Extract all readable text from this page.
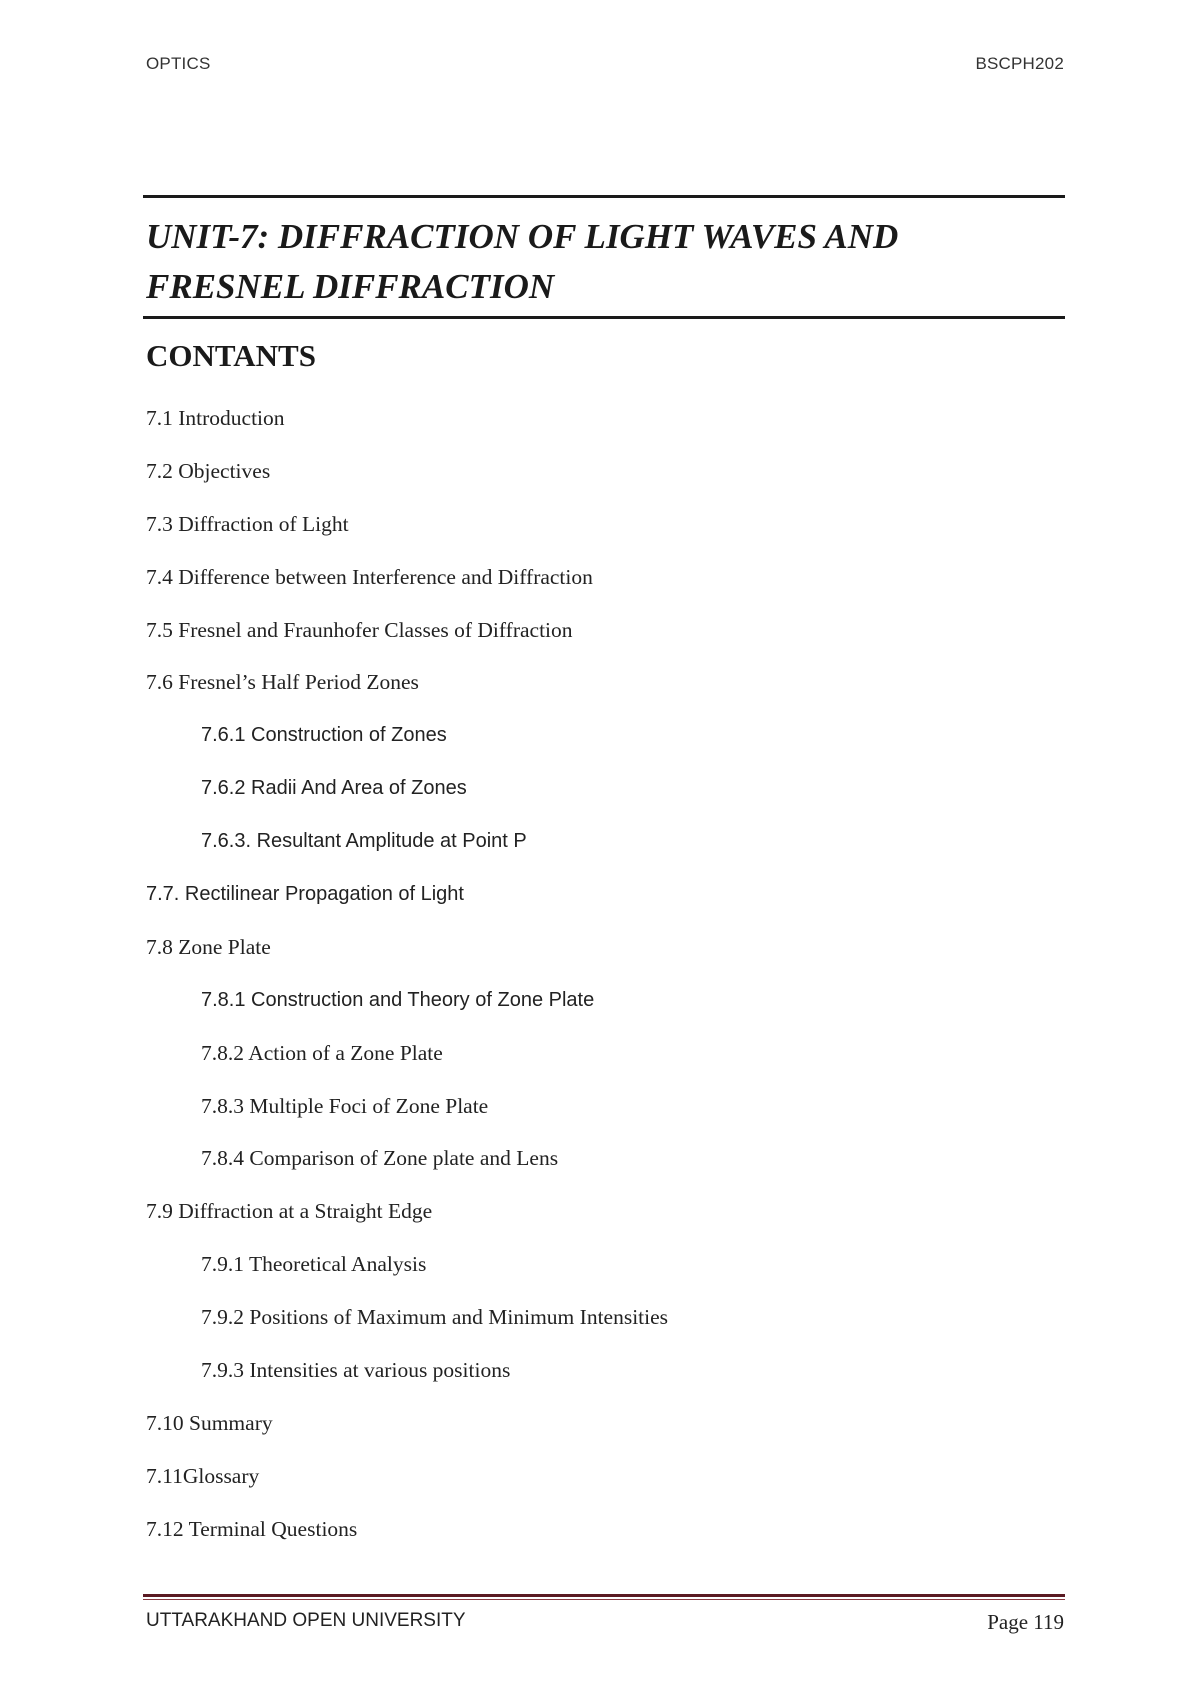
OPTICS	BSCPH202
UNIT-7: DIFFRACTION OF LIGHT WAVES AND
FRESNEL DIFFRACTION
CONTANTS
7.1 Introduction
7.2 Objectives
7.3 Diffraction of Light
7.4 Difference between Interference and Diffraction
7.5 Fresnel and Fraunhofer Classes of Diffraction
7.6 Fresnel’s Half Period Zones
7.6.1 Construction of Zones
7.6.2 Radii And Area of Zones
7.6.3. Resultant Amplitude at Point P
7.7. Rectilinear Propagation of Light
7.8 Zone Plate
7.8.1 Construction and Theory of Zone Plate
7.8.2 Action of a Zone Plate
7.8.3 Multiple Foci of Zone Plate
7.8.4 Comparison of Zone plate and Lens
7.9 Diffraction at a Straight Edge
7.9.1 Theoretical Analysis
7.9.2 Positions of Maximum and Minimum Intensities
7.9.3 Intensities at various positions
7.10 Summary
7.11Glossary
7.12 Terminal Questions
UTTARAKHAND OPEN UNIVERSITY	Page 119
